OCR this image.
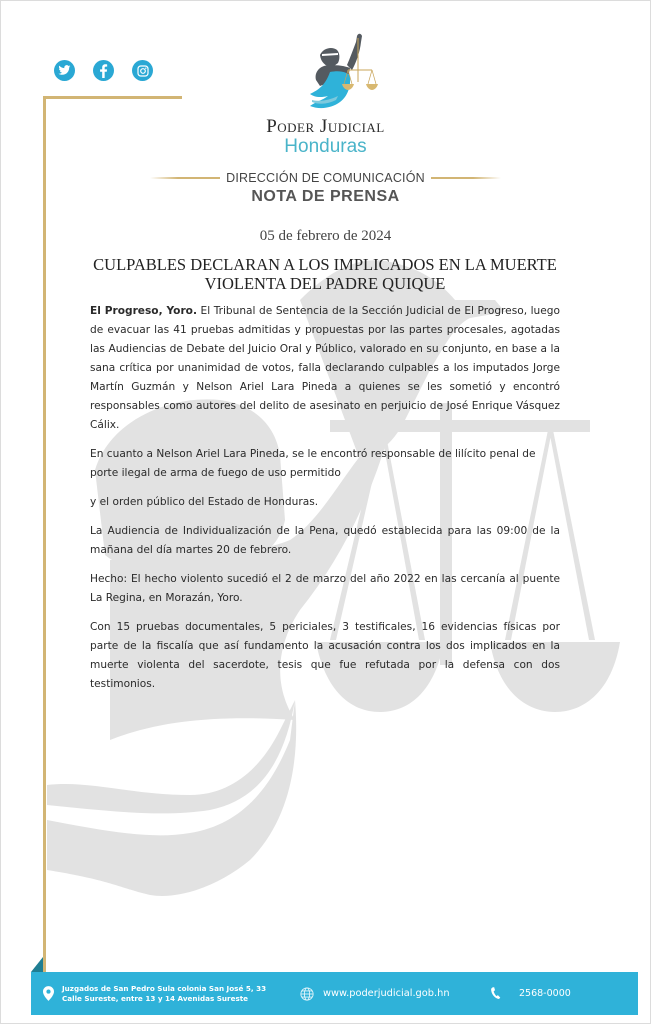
Poder Judicial
Honduras
DIRECCIÓN DE COMUNICACIÓN
NOTA DE PRENSA
05 de febrero de 2024
CULPABLES DECLARAN A LOS IMPLICADOS EN LA MUERTE
VIOLENTA DEL PADRE QUIQUE

El Progreso, Yoro. El Tribunal de Sentencia de la Sección Judicial de El Progreso, luego de evacuar las 41 pruebas admitidas y propuestas por las partes procesales, agotadas las Audiencias de Debate del Juicio Oral y Público, valorado en su conjunto, en base a la sana crítica por unanimidad de votos, falla declarando culpables a los imputados Jorge Martín Guzmán y Nelson Ariel Lara Pineda a quienes se les sometió y encontró responsables como autores del delito de asesinato en perjuicio de José Enrique Vásquez Cálix.

En cuanto a Nelson Ariel Lara Pineda, se le encontró responsable de lilícito penal de porte ilegal de arma de fuego de uso permitido

y el orden público del Estado de Honduras.

La Audiencia de Individualización de la Pena, quedó establecida para las 09:00 de la mañana del día martes 20 de febrero.

Hecho: El hecho violento sucedió el 2 de marzo del año 2022 en las cercanía al puente La Regina, en Morazán, Yoro.

Con 15 pruebas documentales, 5 periciales, 3 testificales, 16 evidencias físicas por parte de la fiscalía que así fundamento la acusación contra los dos implicados en la muerte violenta del sacerdote, tesis que fue refutada por la defensa con dos testimonios.

Juzgados de San Pedro Sula colonia San José 5, 33
Calle Sureste, entre 13 y 14 Avenidas Sureste	www.poderjudicial.gob.hn	2568-0000
